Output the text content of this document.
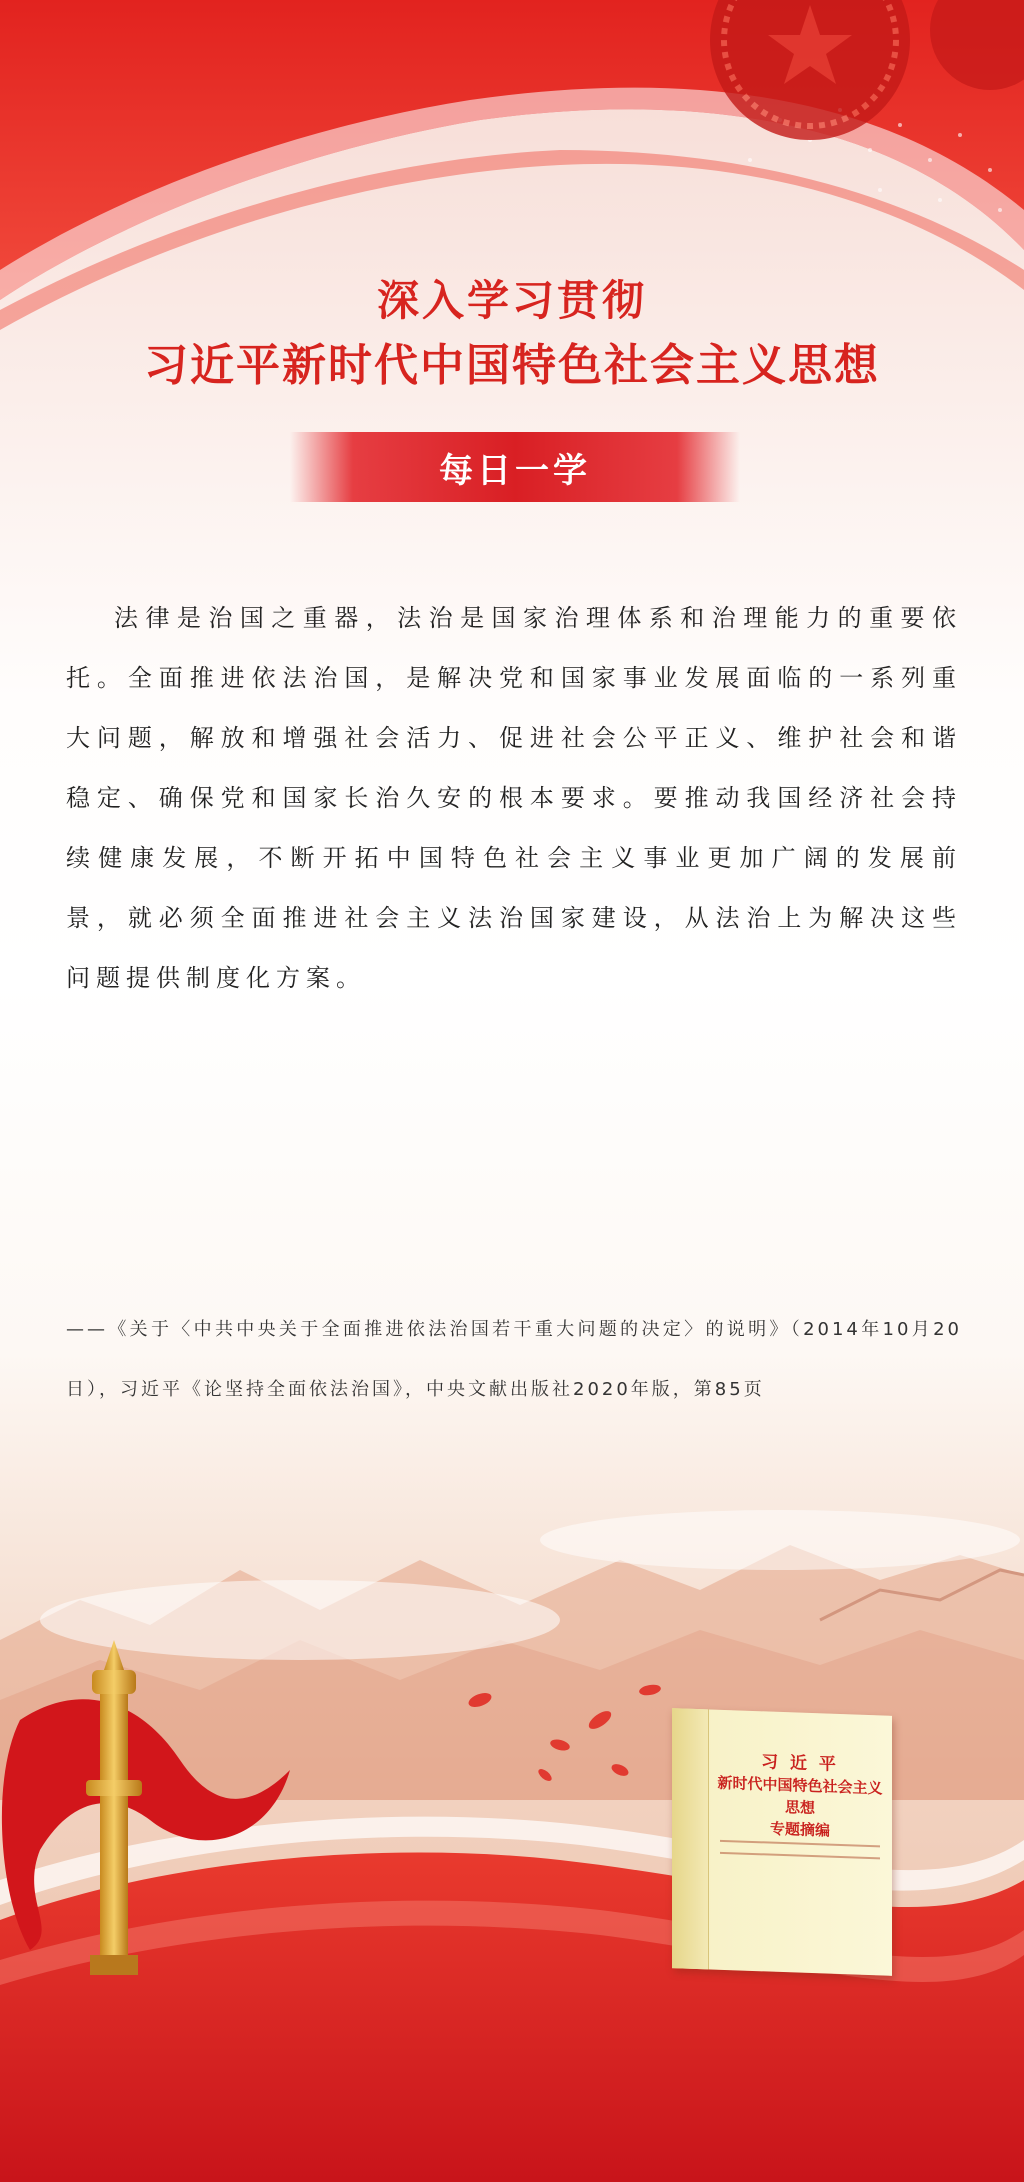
深入学习贯彻
习近平新时代中国特色社会主义思想
每日一学

法律是治国之重器，法治是国家治理体系和治理能力的重要依托。全面推进依法治国，是解决党和国家事业发展面临的一系列重大问题，解放和增强社会活力、促进社会公平正义、维护社会和谐稳定、确保党和国家长治久安的根本要求。要推动我国经济社会持续健康发展，不断开拓中国特色社会主义事业更加广阔的发展前景，就必须全面推进社会主义法治国家建设，从法治上为解决这些问题提供制度化方案。

——《关于〈中共中央关于全面推进依法治国若干重大问题的决定〉的说明》（2014年10月20日），习近平《论坚持全面依法治国》，中央文献出版社2020年版，第85页

习 近 平
新时代中国特色社会主义思想
专题摘编
